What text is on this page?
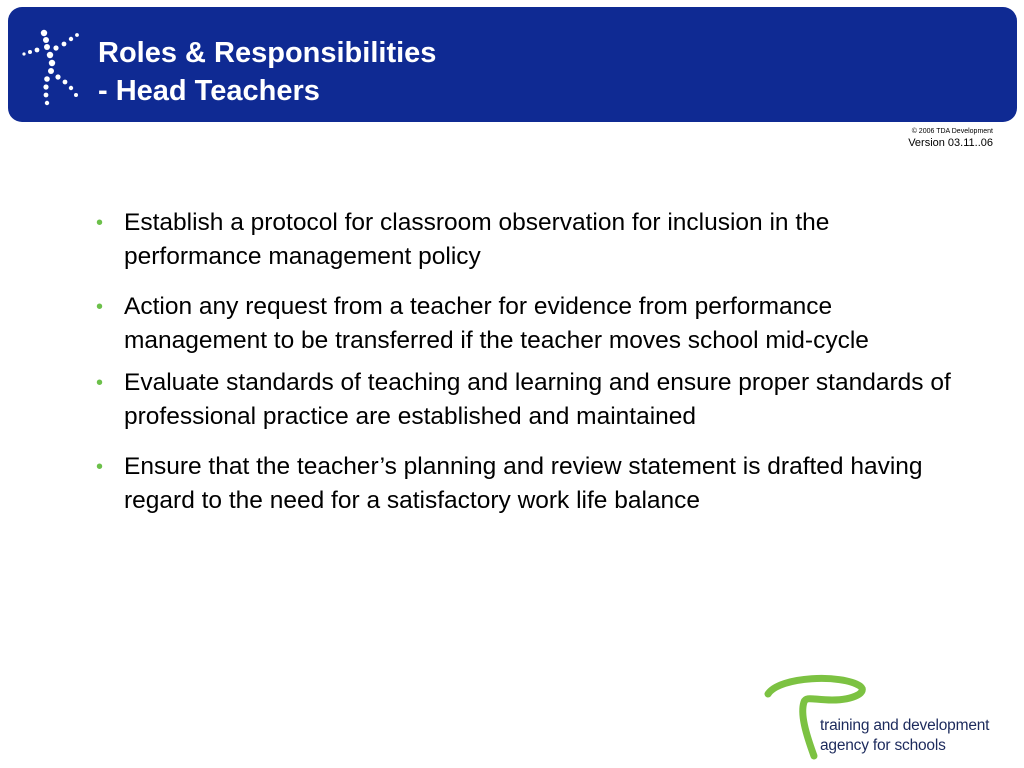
Roles & Responsibilities
- Head Teachers
© 2006 TDA Development
Version 03.11..06
• Establish a protocol for classroom observation for inclusion in the performance management policy
• Action any request from a teacher for evidence from performance management to be transferred if the teacher moves school mid-cycle
• Evaluate standards of teaching and learning and ensure proper standards of professional practice are established and maintained
• Ensure that the teacher’s planning and review statement is drafted having regard to the need for a satisfactory work life balance
training and development
agency for schools
